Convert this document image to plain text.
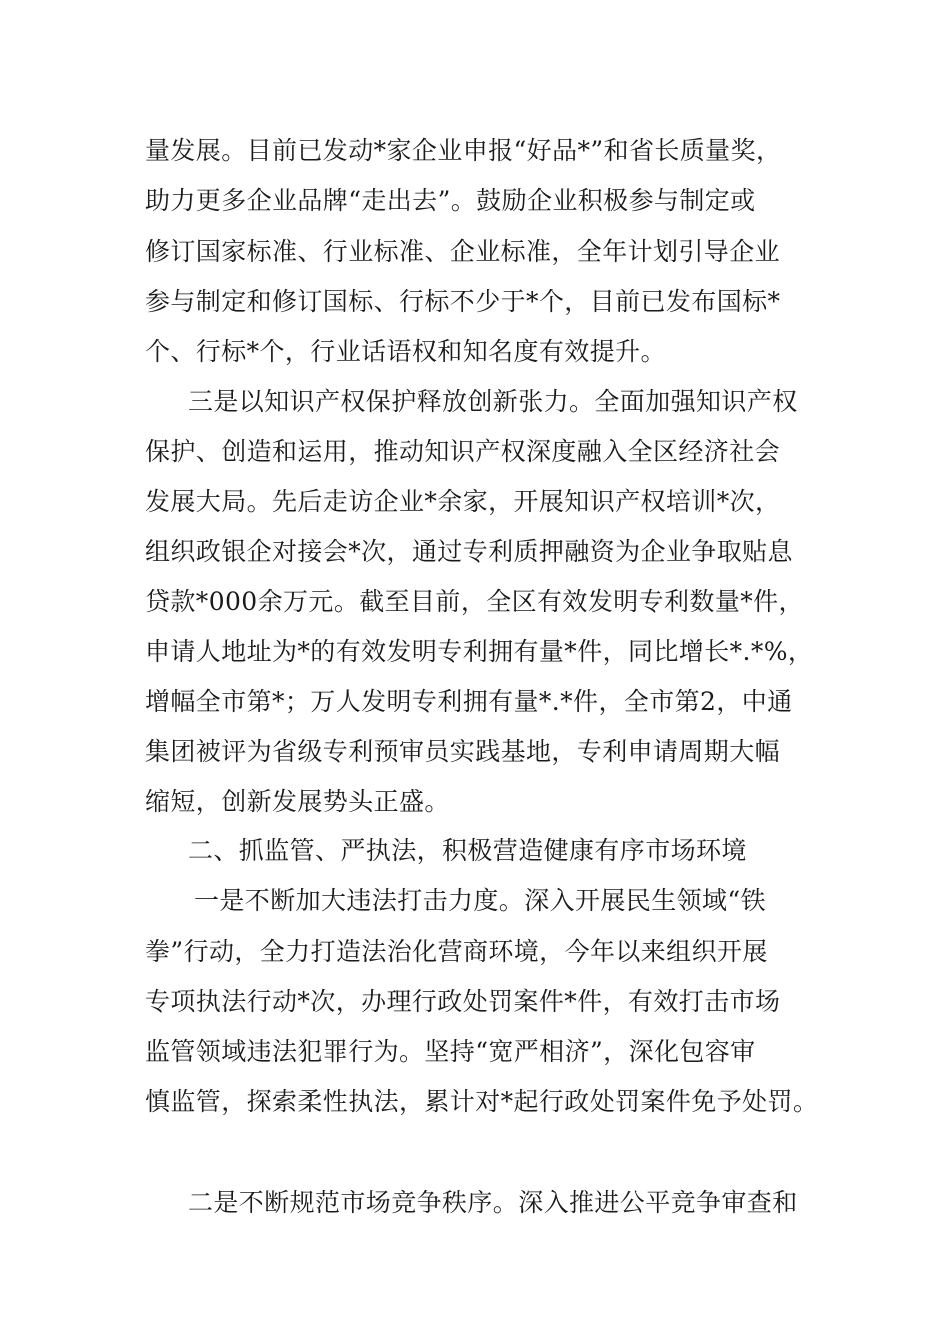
量发展。目前已发动*家企业申报“好品*”和省长质量奖，
助力更多企业品牌“走出去”。鼓励企业积极参与制定或
修订国家标准、行业标准、企业标准，全年计划引导企业
参与制定和修订国标、行标不少于*个，目前已发布国标*
个、行标*个，行业话语权和知名度有效提升。
三是以知识产权保护释放创新张力。全面加强知识产权
保护、创造和运用，推动知识产权深度融入全区经济社会
发展大局。先后走访企业*余家，开展知识产权培训*次，
组织政银企对接会*次，通过专利质押融资为企业争取贴息
贷款*000余万元。截至目前，全区有效发明专利数量*件，
申请人地址为*的有效发明专利拥有量*件，同比增长*.*%，
增幅全市第*；万人发明专利拥有量*.*件，全市第2，中通
集团被评为省级专利预审员实践基地，专利申请周期大幅
缩短，创新发展势头正盛。
二、抓监管、严执法，积极营造健康有序市场环境
一是不断加大违法打击力度。深入开展民生领域“铁
拳”行动，全力打造法治化营商环境，今年以来组织开展
专项执法行动*次，办理行政处罚案件*件，有效打击市场
监管领域违法犯罪行为。坚持“宽严相济”，深化包容审
慎监管，探索柔性执法，累计对*起行政处罚案件免予处罚。
二是不断规范市场竞争秩序。深入推进公平竞争审查和
